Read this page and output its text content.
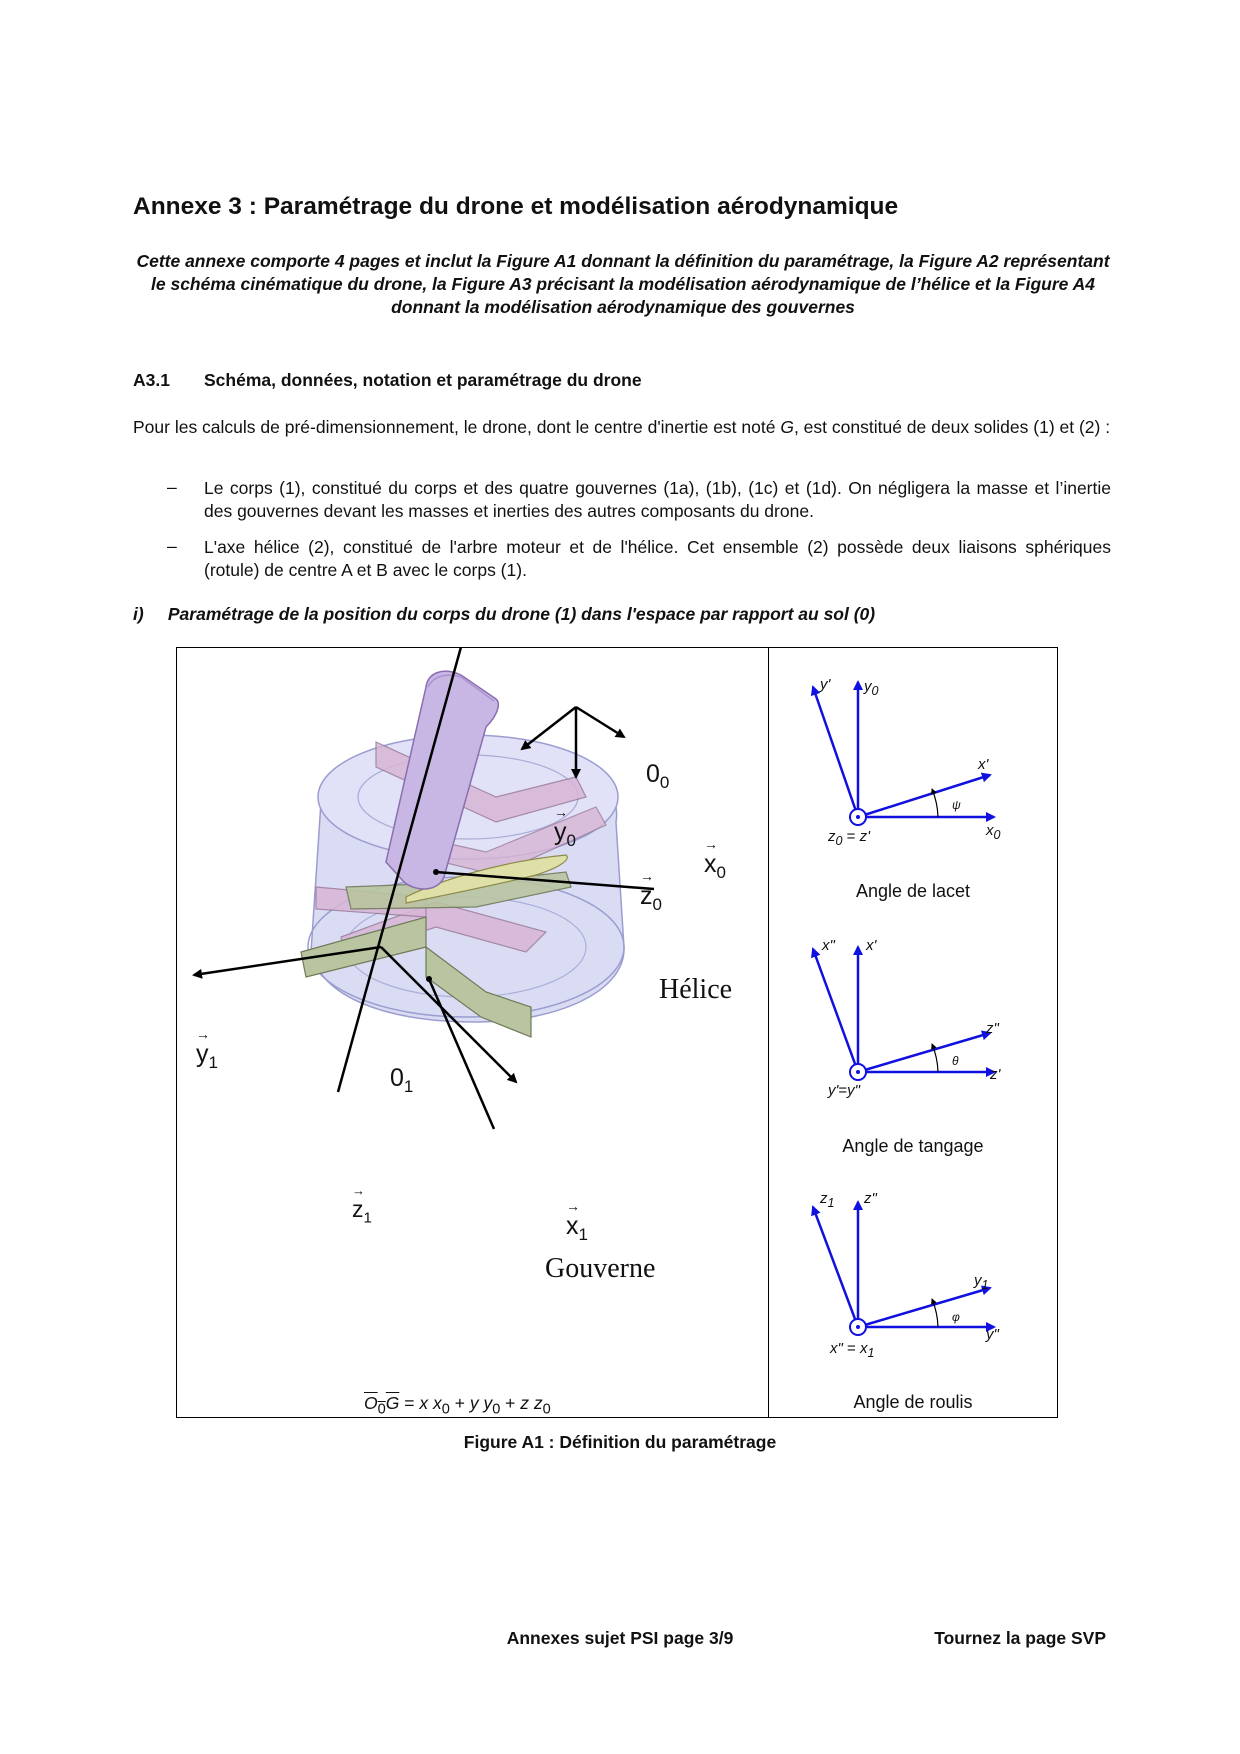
Annexe 3 : Paramétrage du drone et modélisation aérodynamique
Cette annexe comporte 4 pages et inclut la Figure A1 donnant la définition du paramétrage, la Figure A2 représentant le schéma cinématique du drone, la Figure A3 précisant la modélisation aérodynamique de l’hélice et la Figure A4 donnant la modélisation aérodynamique des gouvernes
A3.1 Schéma, données, notation et paramétrage du drone
Pour les calculs de pré-dimensionnement, le drone, dont le centre d'inertie est noté G, est constitué de deux solides (1) et (2) :
– Le corps (1), constitué du corps et des quatre gouvernes (1a), (1b), (1c) et (1d). On négligera la masse et l’inertie des gouvernes devant les masses et inerties des autres composants du drone.
– L'axe hélice (2), constitué de l'arbre moteur et de l'hélice. Cet ensemble (2) possède deux liaisons sphériques (rotule) de centre A et B avec le corps (1).
i) Paramétrage de la position du corps du drone (1) dans l'espace par rapport au sol (0)
$0_0$
y
→
$_0$
x
→
$_0$
z
→
$_0$
Hélice
Gouverne
y
→
$_1$
$0_1$
z
→
$_1$	x
→
$_1$
$O_0G = x$ $x_0 + y$ $y_0 + z$ $z_0$
y' $y_0$
x'
$x_0$
$z_0 = z'$
ψ
Angle de lacet
x" x'
z"
z'
y'=y"
θ
Angle de tangage
$z_1$ z"
$y_1$
y"
x" = $x_1$
φ
Angle de roulis
Figure A1 : Définition du paramétrage
Annexes sujet PSI page 3/9	Tournez la page SVP
